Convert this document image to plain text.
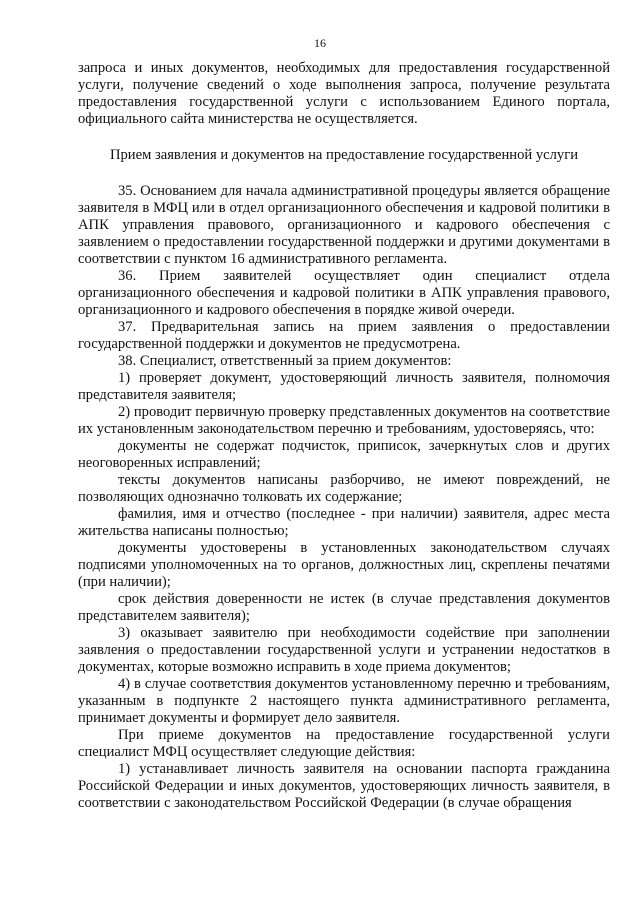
16

запроса и иных документов, необходимых для предоставления государственной услуги, получение сведений о ходе выполнения запроса, получение результата предоставления государственной услуги с использованием Единого портала, официального сайта министерства не осуществляется.

Прием заявления и документов на предоставление государственной услуги

35. Основанием для начала административной процедуры является обращение заявителя в МФЦ или в отдел организационного обеспечения и кадровой политики в АПК управления правового, организационного и кадрового обеспечения с заявлением о предоставлении государственной поддержки и другими документами в соответствии с пунктом 16 административного регламента.

36. Прием заявителей осуществляет один специалист отдела организационного обеспечения и кадровой политики в АПК управления правового, организационного и кадрового обеспечения в порядке живой очереди.

37. Предварительная запись на прием заявления о предоставлении государственной поддержки и документов не предусмотрена.

38. Специалист, ответственный за прием документов:

1) проверяет документ, удостоверяющий личность заявителя, полномочия представителя заявителя;

2) проводит первичную проверку представленных документов на соответствие их установленным законодательством перечню и требованиям, удостоверяясь, что:

документы не содержат подчисток, приписок, зачеркнутых слов и других неоговоренных исправлений;

тексты документов написаны разборчиво, не имеют повреждений, не позволяющих однозначно толковать их содержание;

фамилия, имя и отчество (последнее - при наличии) заявителя, адрес места жительства написаны полностью;

документы удостоверены в установленных законодательством случаях подписями уполномоченных на то органов, должностных лиц, скреплены печатями (при наличии);

срок действия доверенности не истек (в случае представления документов представителем заявителя);

3) оказывает заявителю при необходимости содействие при заполнении заявления о предоставлении государственной услуги и устранении недостатков в документах, которые возможно исправить в ходе приема документов;

4) в случае соответствия документов установленному перечню и требованиям, указанным в подпункте 2 настоящего пункта административного регламента, принимает документы и формирует дело заявителя.

При приеме документов на предоставление государственной услуги специалист МФЦ осуществляет следующие действия:

1) устанавливает личность заявителя на основании паспорта гражданина Российской Федерации и иных документов, удостоверяющих личность заявителя, в соответствии с законодательством Российской Федерации (в случае обращения
